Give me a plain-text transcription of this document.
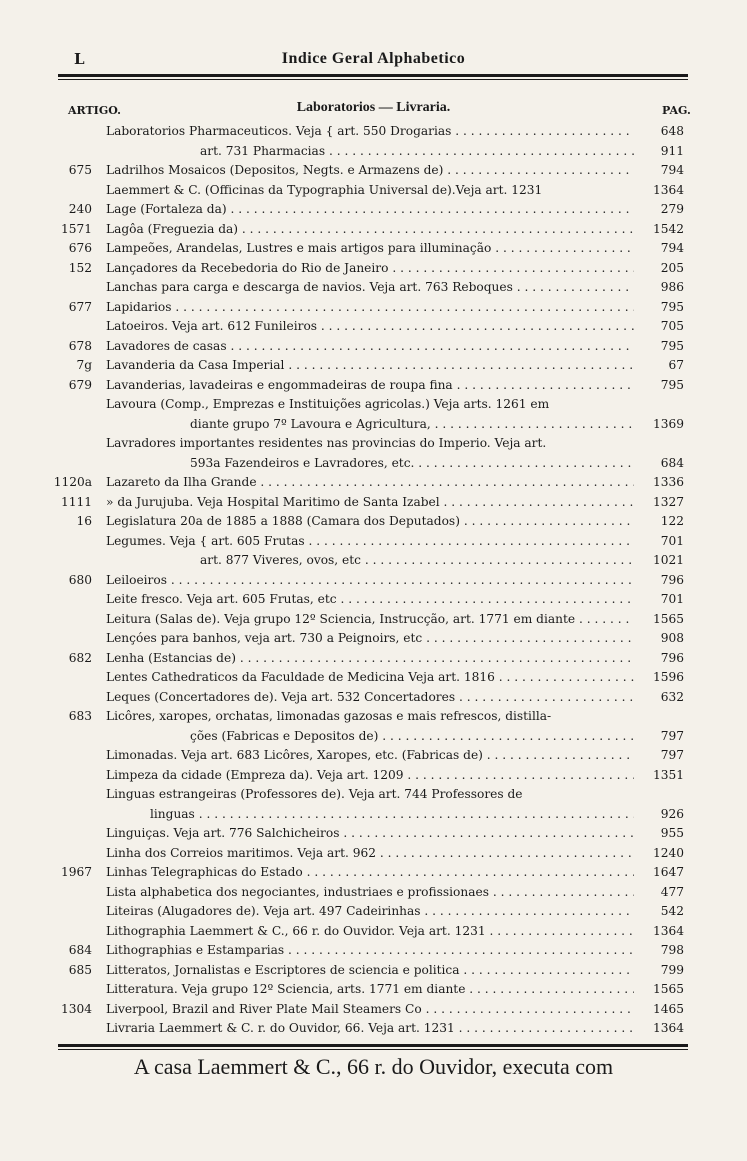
L	Indice Geral Alphabetico
ARTIGO.	Laboratorios — Livraria.	PAG.
Laboratorios Pharmaceuticos. Veja { art. 550 Drogarias . . .	648
art. 731 Pharmacias . . .	911
675 Ladrilhos Mosaicos (Depositos, Negts. e Armazens de) . . .	794
Laemmert & C. (Officinas da Typographia Universal de).Veja art. 1231	1364
240 Lage (Fortaleza da) . . .	279
1571 Lagôa (Freguezia da) . . .	1542
676 Lampeões, Arandelas, Lustres e mais artigos para illuminação . . .	794
152 Lançadores da Recebedoria do Rio de Janeiro . . .	205
Lanchas para carga e descarga de navios. Veja art. 763 Reboques . . .	986
677 Lapidarios . . .	795
Latoeiros. Veja art. 612 Funileiros . . .	705
678 Lavadores de casas . . .	795
7g Lavanderia da Casa Imperial . . .	67
679 Lavanderias, lavadeiras e engommadeiras de roupa fina . . .	795
Lavoura (Comp., Emprezas e Instituições agricolas.) Veja arts. 1261 em
diante grupo 7º Lavoura e Agricultura, . . .	1369
Lavradores importantes residentes nas provincias do Imperio. Veja art.
593a Fazendeiros e Lavradores, etc. . . .	684
1120a Lazareto da Ilha Grande . . .	1336
1111 » da Jurujuba. Veja Hospital Maritimo de Santa Izabel . . .	1327
16 Legislatura 20a de 1885 a 1888 (Camara dos Deputados) . . .	122
Legumes. Veja { art. 605 Frutas . . .	701
art. 877 Viveres, ovos, etc . . .	1021
680 Leiloeiros . . .	796
Leite fresco. Veja art. 605 Frutas, etc . . .	701
Leitura (Salas de). Veja grupo 12º Sciencia, Instrucção, art. 1771 em diante . . .	1565
Lençóes para banhos, veja art. 730 a Peignoirs, etc . . .	908
682 Lenha (Estancias de) . . .	796
Lentes Cathedraticos da Faculdade de Medicina Veja art. 1816 . . .	1596
Leques (Concertadores de). Veja art. 532 Concertadores . . .	632
683 Licôres, xaropes, orchatas, limonadas gazosas e mais refrescos, distilla-
ções (Fabricas e Depositos de) . . .	797
Limonadas. Veja art. 683 Licôres, Xaropes, etc. (Fabricas de) . . .	797
Limpeza da cidade (Empreza da). Veja art. 1209 . . .	1351
Linguas estrangeiras (Professores de). Veja art. 744 Professores de
linguas . . .	926
Linguiças. Veja art. 776 Salchicheiros . . .	955
Linha dos Correios maritimos. Veja art. 962 . . .	1240
1967 Linhas Telegraphicas do Estado . . .	1647
Lista alphabetica dos negociantes, industriaes e profissionaes . . .	477
Liteiras (Alugadores de). Veja art. 497 Cadeirinhas . . .	542
Lithographia Laemmert & C., 66 r. do Ouvidor. Veja art. 1231 . . .	1364
684 Lithographias e Estamparias . . .	798
685 Litteratos, Jornalistas e Escriptores de sciencia e politica . . .	799
Litteratura. Veja grupo 12º Sciencia, arts. 1771 em diante . . .	1565
1304 Liverpool, Brazil and River Plate Mail Steamers Co . . .	1465
Livraria Laemmert & C. r. do Ouvidor, 66. Veja art. 1231 . . .	1364
A casa Laemmert & C., 66 r. do Ouvidor, executa com
